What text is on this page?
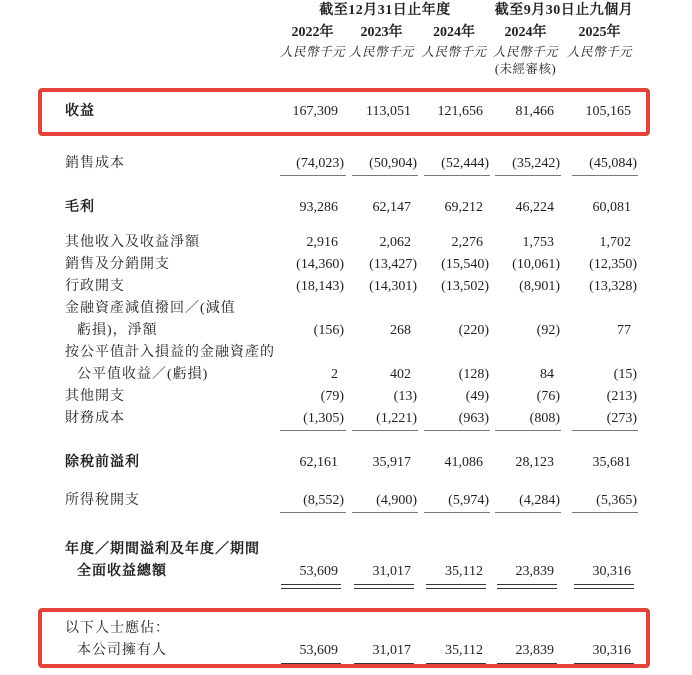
截至12月31日止年度	截至9月30日止九個月
2022年	2023年	2024年	2024年	2025年
人民幣千元 人民幣千元 人民幣千元 人民幣千元 人民幣千元
(未經審核)
收益	167,309	113,051	121,656	81,466	105,165
銷售成本	(74,023)	(50,904)	(52,444)	(35,242)	(45,084)
毛利	93,286	62,147	69,212	46,224	60,081
其他收入及收益淨額	2,916	2,062	2,276	1,753	1,702
銷售及分銷開支	(14,360)	(13,427)	(15,540)	(10,061)	(12,350)
行政開支	(18,143)	(14,301)	(13,502)	(8,901)	(13,328)
金融資產減值撥回／(減值
虧損)，淨額	(156)	268	(220)	(92)	77
按公平值計入損益的金融資產的
公平值收益／(虧損)	2	402	(128)	84	(15)
其他開支	(79)	(13)	(49)	(76)	(213)
財務成本	(1,305)	(1,221)	(963)	(808)	(273)
除稅前溢利	62,161	35,917	41,086	28,123	35,681
所得稅開支	(8,552)	(4,900)	(5,974)	(4,284)	(5,365)
年度／期間溢利及年度／期間
全面收益總額	53,609	31,017	35,112	23,839	30,316
以下人士應佔：
本公司擁有人	53,609	31,017	35,112	23,839	30,316
